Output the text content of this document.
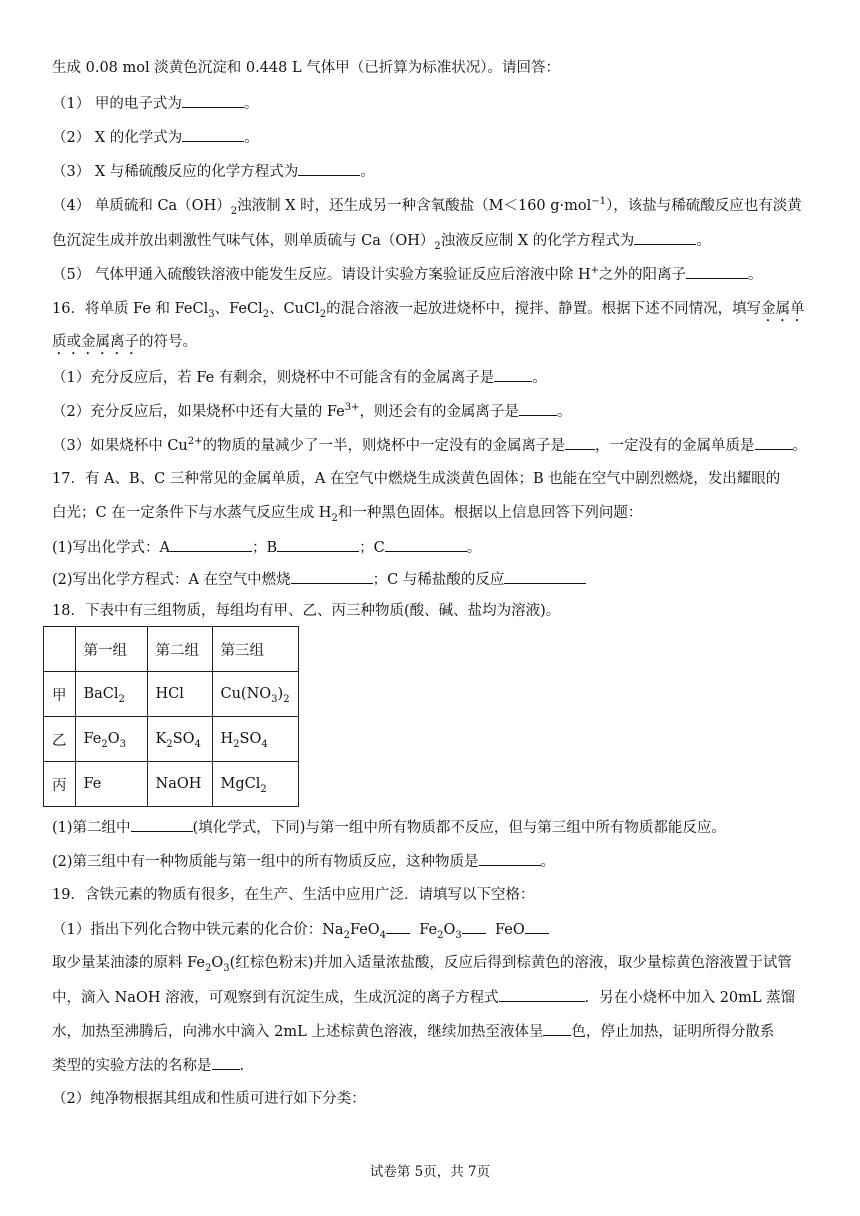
生成 0.08 mol 淡黄色沉淀和 0.448 L 气体甲（已折算为标准状况）。请回答：
（1） 甲的电子式为	。
（2） X 的化学式为	。
（3） X 与稀硫酸反应的化学方程式为	。
（4） 单质硫和 $Ca(OH)_2$浊液制 X 时，还生成另一种含氧酸盐（M＜160 g·mol$^{-1}$），该盐与稀硫酸反应也有淡黄
色沉淀生成并放出刺激性气味气体，则单质硫与 $Ca(OH)_2$浊液反应制 X 的化学方程式为	。
（5） 气体甲通入硫酸铁溶液中能发生反应。请设计实验方案验证反应后溶液中除 H+之外的阳离子	。
16．将单质 Fe 和 FeCl$_3$、FeCl$_2$、CuCl$_2$的混合溶液一起放进烧杯中，搅拌、静置。根据下述不同情况，填写金属单
质或金属离子的符号。
（1）充分反应后，若 Fe 有剩余，则烧杯中不可能含有的金属离子是	。
（2）充分反应后，如果烧杯中还有大量的 $Fe^{3+}$，则还会有的金属离子是	。
（3）如果烧杯中 $Cu^{2+}$的物质的量减少了一半，则烧杯中一定没有的金属离子是 ，一定没有的金属单质是	。
17．有 A、B、C 三种常见的金属单质，A 在空气中燃烧生成淡黄色固体；B 也能在空气中剧烈燃烧，发出耀眼的
白光；C 在一定条件下与水蒸气反应生成 $H_2$和一种黑色固体。根据以上信息回答下列问题：
(1)写出化学式：A	；B	；C	。
(2)写出化学方程式：A 在空气中燃烧	；C 与稀盐酸的反应
18．下表中有三组物质，每组均有甲、乙、丙三种物质(酸、碱、盐均为溶液)。
	第一组	第二组	第三组
甲	BaCl$_2$	HCl	$Cu(NO_3)_2$
乙	$Fe_2O_3$	$K_2SO_4$	$H_2SO_4$
丙	Fe	NaOH	MgCl$_2$
(1)第二组中	(填化学式，下同)与第一组中所有物质都不反应，但与第三组中所有物质都能反应。
(2)第三组中有一种物质能与第一组中的所有物质反应，这种物质是	。
19．含铁元素的物质有很多，在生产、生活中应用广泛．请填写以下空格：
（1）指出下列化合物中铁元素的化合价：$Na_2FeO_4$ $Fe_2O_3$ FeO
取少量某油漆的原料 $Fe_2O_3$(红棕色粉末)并加入适量浓盐酸，反应后得到棕黄色的溶液，取少量棕黄色溶液置于试管
中，滴入 NaOH 溶液，可观察到有沉淀生成，生成沉淀的离子方程式	．另在小烧杯中加入 20mL 蒸馏
水，加热至沸腾后，向沸水中滴入 2mL 上述棕黄色溶液，继续加热至液体呈 色，停止加热，证明所得分散系
类型的实验方法的名称是 .
（2）纯净物根据其组成和性质可进行如下分类：
试卷第 5页，共 7页
